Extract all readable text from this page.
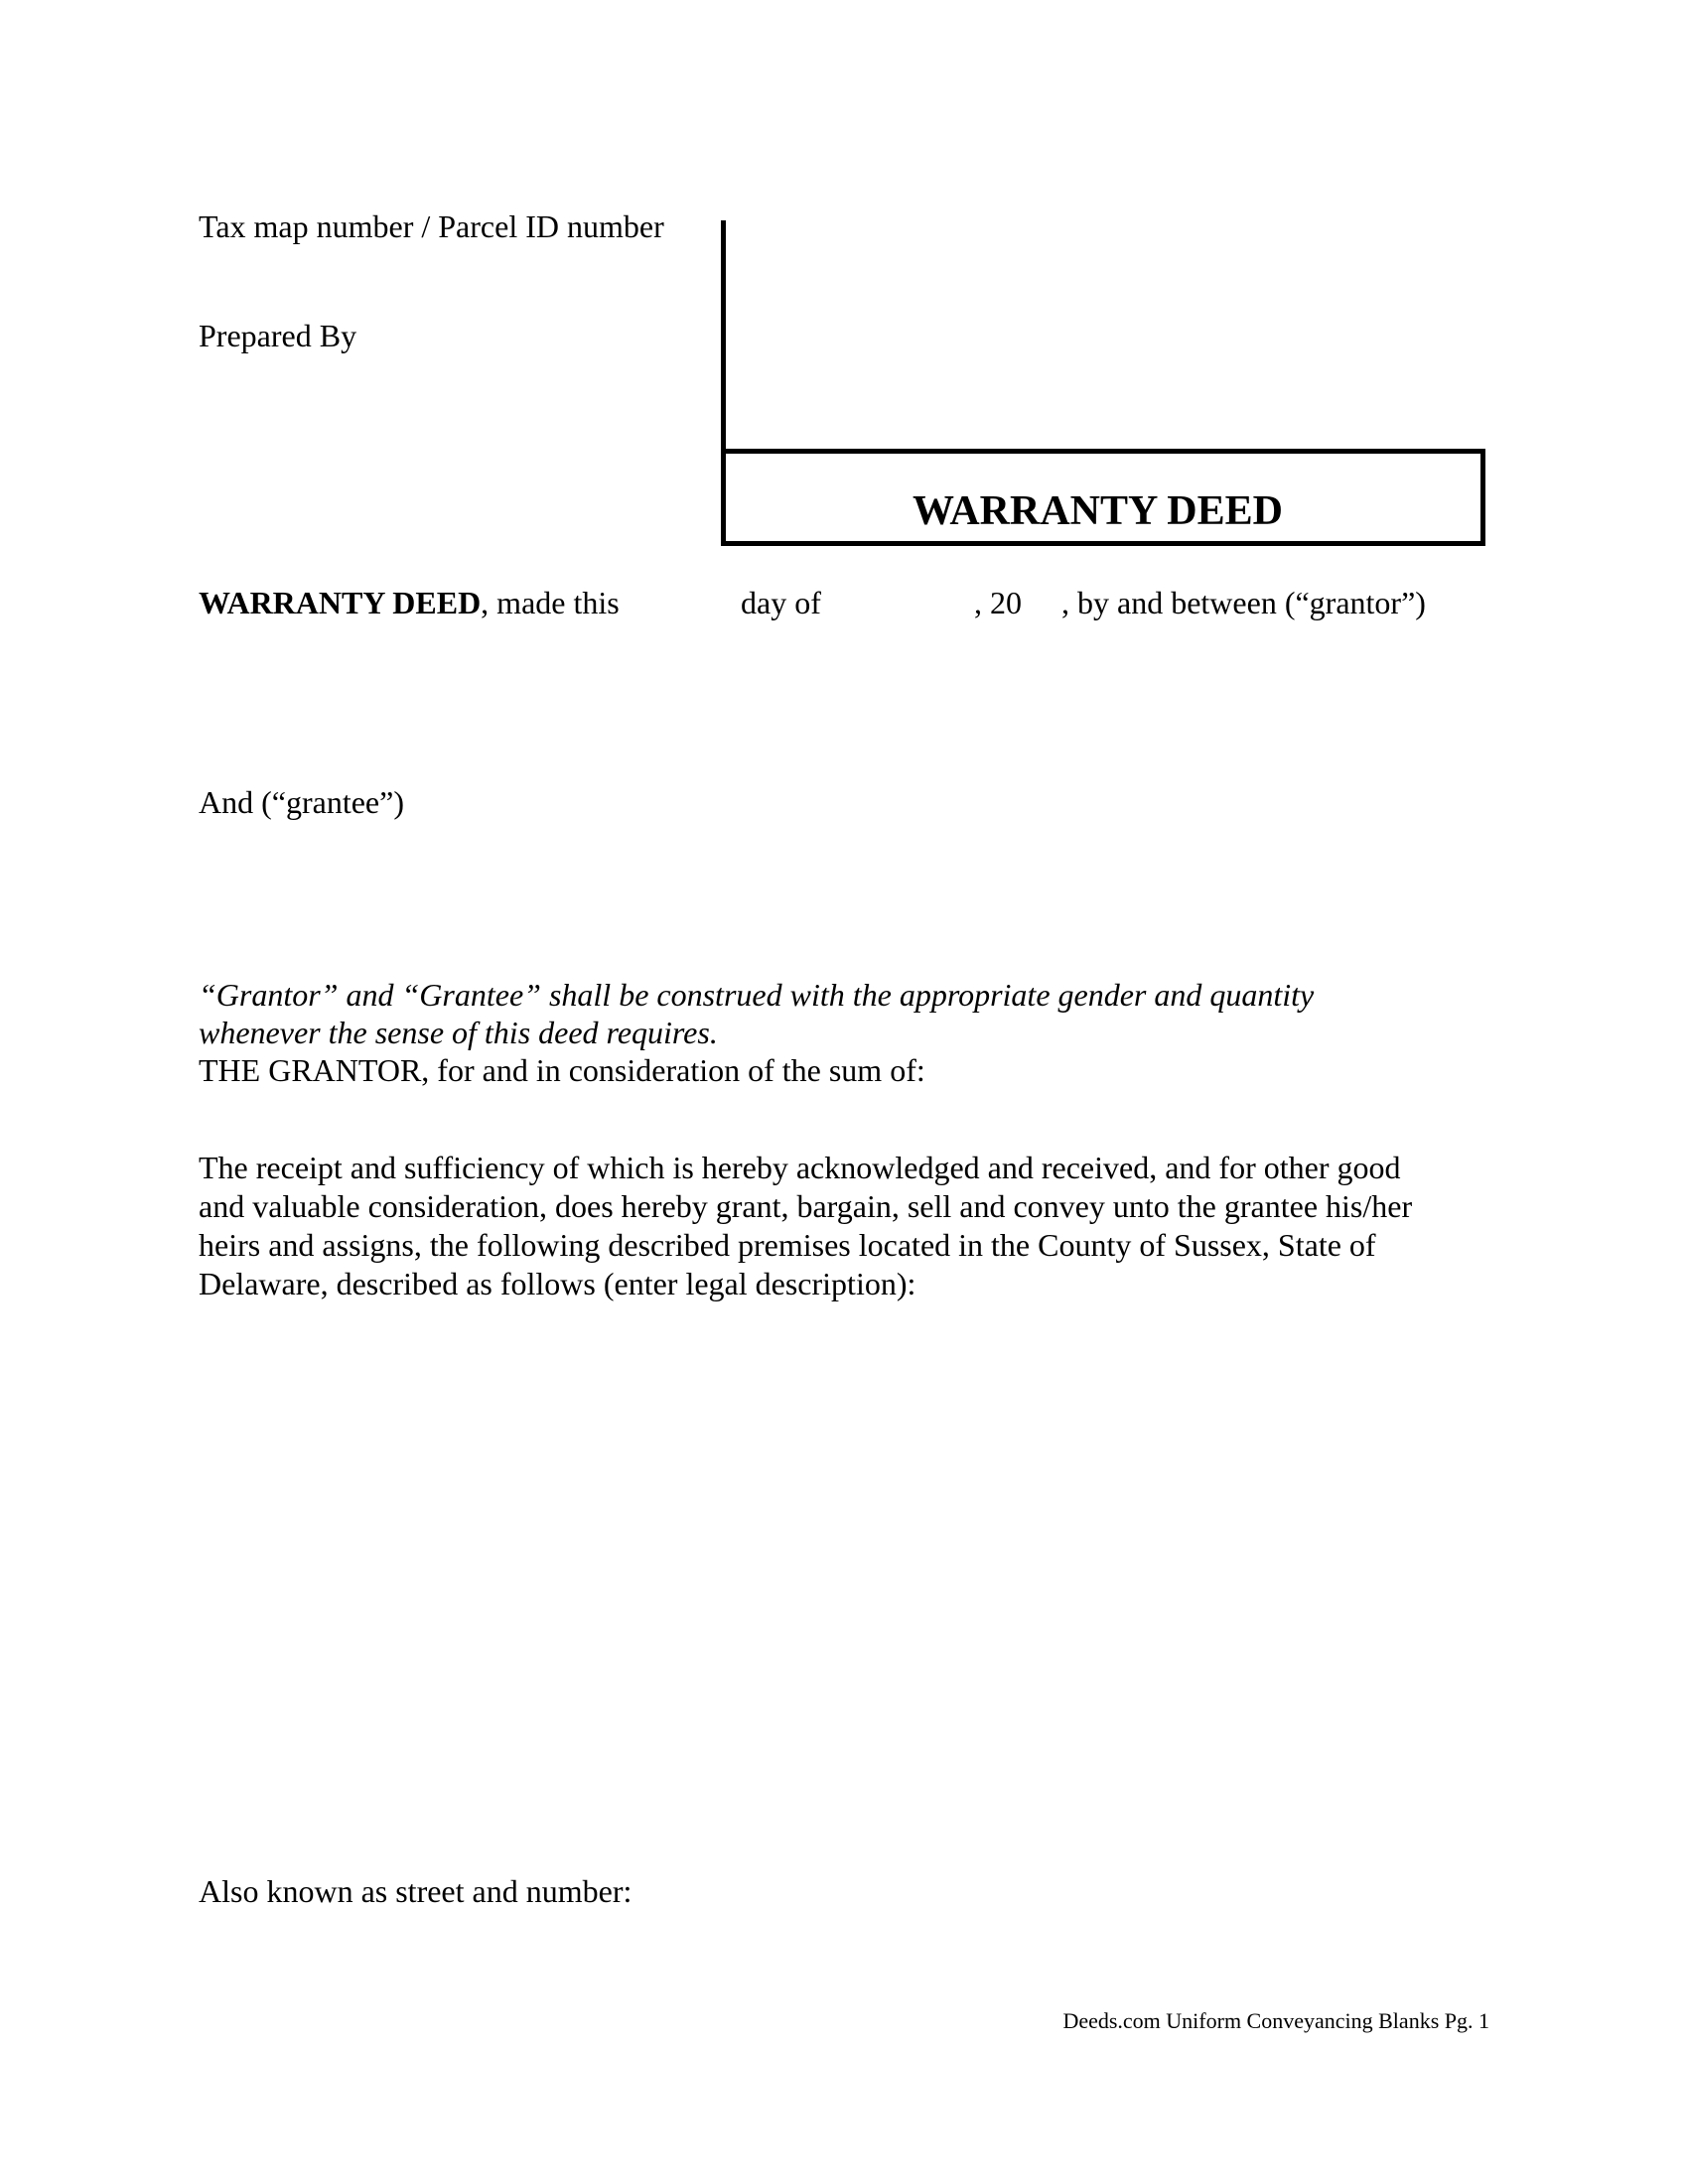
Tax map number / Parcel ID number

Prepared By

WARRANTY DEED

WARRANTY DEED, made this	day of	, 20 , by and between (“grantor”)

And (“grantee”)

“Grantor” and “Grantee” shall be construed with the appropriate gender and quantity

whenever the sense of this deed requires.

THE GRANTOR, for and in consideration of the sum of:

The receipt and sufficiency of which is hereby acknowledged and received, and for other good

and valuable consideration, does hereby grant, bargain, sell and convey unto the grantee his/her

heirs and assigns, the following described premises located in the County of Sussex, State of

Delaware, described as follows (enter legal description):

Also known as street and number:

Deeds.com Uniform Conveyancing Blanks Pg. 1
